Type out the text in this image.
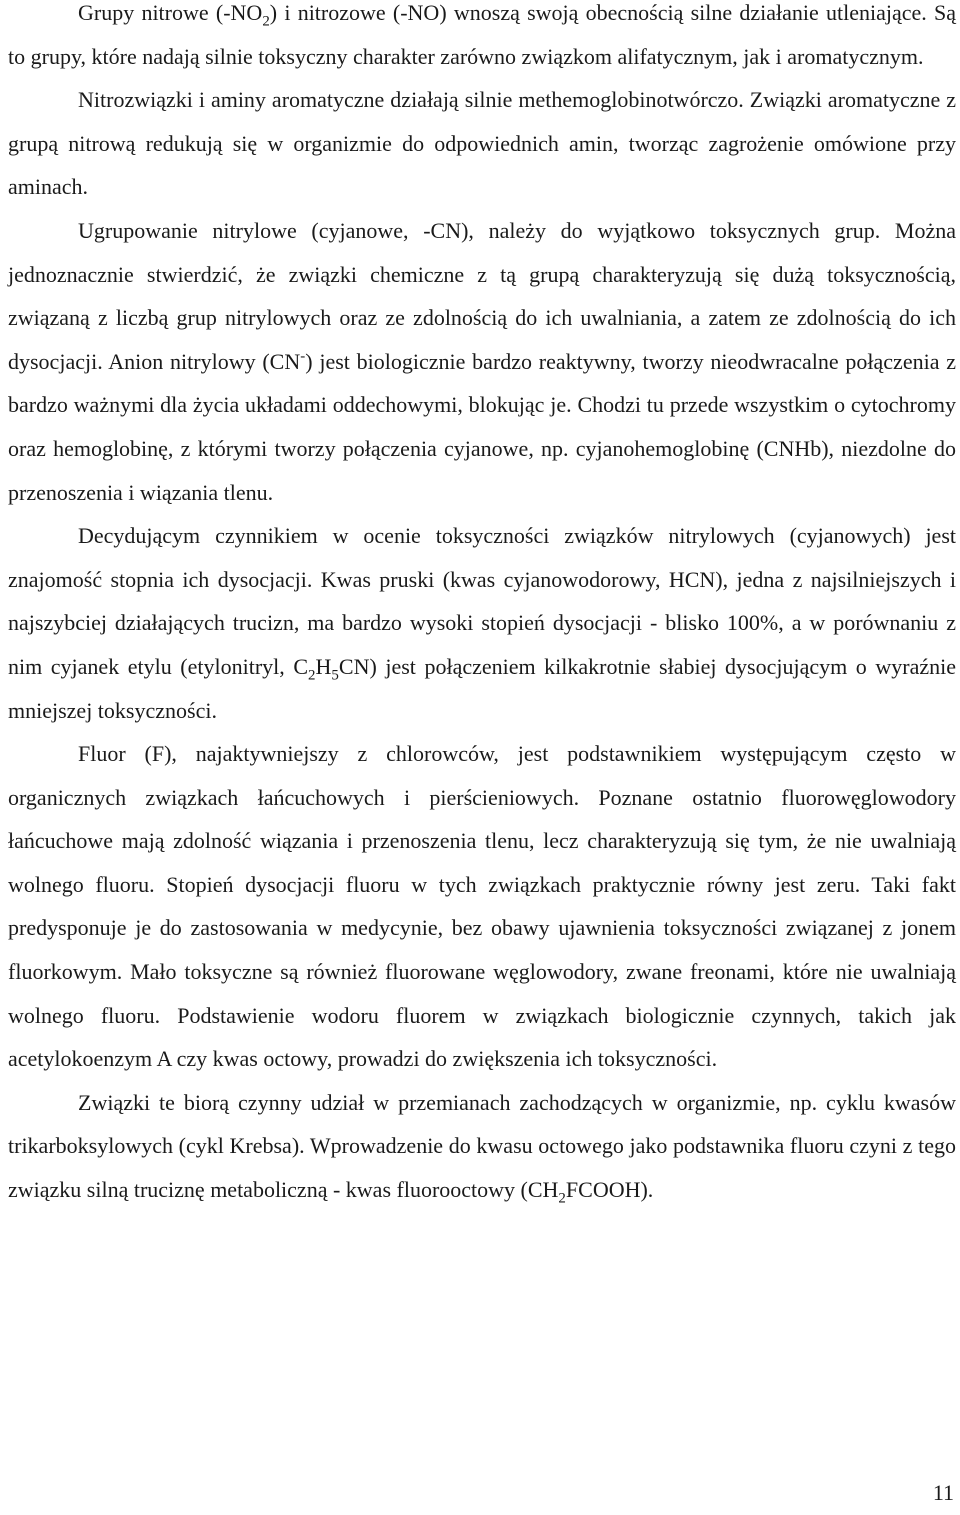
Grupy nitrowe $(-NO_2)$ i nitrozowe (-NO) wnoszą swoją obecnością silne działanie utleniające. Są to grupy, które nadają silnie toksyczny charakter zarówno związkom alifatycznym, jak i aromatycznym.

Nitrozwiązki i aminy aromatyczne działają silnie methemoglobinotwórczo. Związki aromatyczne z grupą nitrową redukują się w organizmie do odpowiednich amin, tworząc zagrożenie omówione przy aminach.

Ugrupowanie nitrylowe (cyjanowe, -CN), należy do wyjątkowo toksycznych grup. Można jednoznacznie stwierdzić, że związki chemiczne z tą grupą charakteryzują się dużą toksycznością, związaną z liczbą grup nitrylowych oraz ze zdolnością do ich uwalniania, a zatem ze zdolnością do ich dysocjacji. Anion nitrylowy (CN-) jest biologicznie bardzo reaktywny, tworzy nieodwracalne połączenia z bardzo ważnymi dla życia układami oddechowymi, blokując je. Chodzi tu przede wszystkim o cytochromy oraz hemoglobinę, z którymi tworzy połączenia cyjanowe, np. cyjanohemoglobinę (CNHb), niezdolne do przenoszenia i wiązania tlenu.

Decydującym czynnikiem w ocenie toksyczności związków nitrylowych (cyjanowych) jest znajomość stopnia ich dysocjacji. Kwas pruski (kwas cyjanowodorowy, HCN), jedna z najsilniejszych i najszybciej działających trucizn, ma bardzo wysoki stopień dysocjacji - blisko 100%, a w porównaniu z nim cyjanek etylu (etylonitryl, $C_2H_5CN$) jest połączeniem kilkakrotnie słabiej dysocjującym o wyraźnie mniejszej toksyczności.

Fluor (F), najaktywniejszy z chlorowców, jest podstawnikiem występującym często w organicznych związkach łańcuchowych i pierścieniowych. Poznane ostatnio fluorowęglowodory łańcuchowe mają zdolność wiązania i przenoszenia tlenu, lecz charakteryzują się tym, że nie uwalniają wolnego fluoru. Stopień dysocjacji fluoru w tych związkach praktycznie równy jest zeru. Taki fakt predysponuje je do zastosowania w medycynie, bez obawy ujawnienia toksyczności związanej z jonem fluorkowym. Mało toksyczne są również fluorowane węglowodory, zwane freonami, które nie uwalniają wolnego fluoru. Podstawienie wodoru fluorem w związkach biologicznie czynnych, takich jak acetylokoenzym A czy kwas octowy, prowadzi do zwiększenia ich toksyczności.

Związki te biorą czynny udział w przemianach zachodzących w organizmie, np. cyklu kwasów trikarboksylowych (cykl Krebsa). Wprowadzenie do kwasu octowego jako podstawnika fluoru czyni z tego związku silną truciznę metaboliczną - kwas fluorooctowy $(CH_2FCOOH)$.

11
